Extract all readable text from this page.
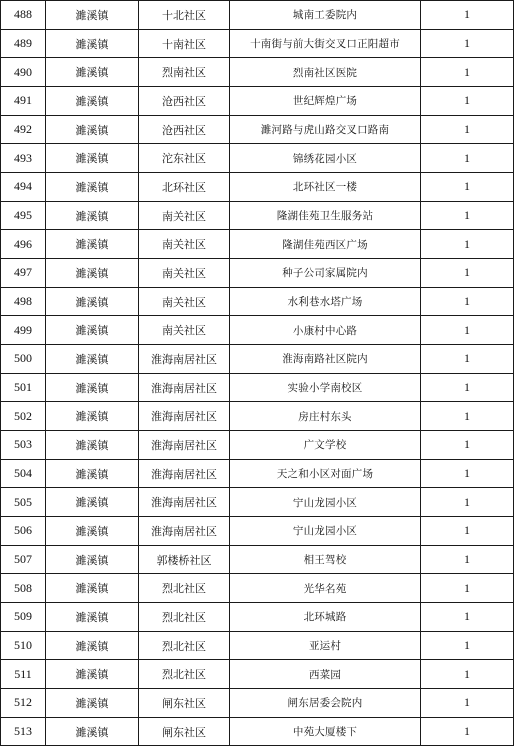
488	濉溪镇	十北社区	城南工委院内	1
489	濉溪镇	十南社区	十南街与前大街交叉口正阳超市	1
490	濉溪镇	烈南社区	烈南社区医院	1
491	濉溪镇	沧西社区	世纪辉煌广场	1
492	濉溪镇	沧西社区	濉河路与虎山路交叉口路南	1
493	濉溪镇	沱东社区	锦绣花园小区	1
494	濉溪镇	北环社区	北环社区一楼	1
495	濉溪镇	南关社区	隆湖佳苑卫生服务站	1
496	濉溪镇	南关社区	隆湖佳苑西区广场	1
497	濉溪镇	南关社区	种子公司家属院内	1
498	濉溪镇	南关社区	水利巷水塔广场	1
499	濉溪镇	南关社区	小康村中心路	1
500	濉溪镇	淮海南居社区	淮海南路社区院内	1
501	濉溪镇	淮海南居社区	实验小学南校区	1
502	濉溪镇	淮海南居社区	房庄村东头	1
503	濉溪镇	淮海南居社区	广文学校	1
504	濉溪镇	淮海南居社区	天之和小区对面广场	1
505	濉溪镇	淮海南居社区	宁山龙园小区	1
506	濉溪镇	淮海南居社区	宁山龙园小区	1
507	濉溪镇	郭楼桥社区	相王驾校	1
508	濉溪镇	烈北社区	光华名苑	1
509	濉溪镇	烈北社区	北环城路	1
510	濉溪镇	烈北社区	亚运村	1
511	濉溪镇	烈北社区	西菜园	1
512	濉溪镇	闸东社区	闸东居委会院内	1
513	濉溪镇	闸东社区	中苑大厦楼下	1
